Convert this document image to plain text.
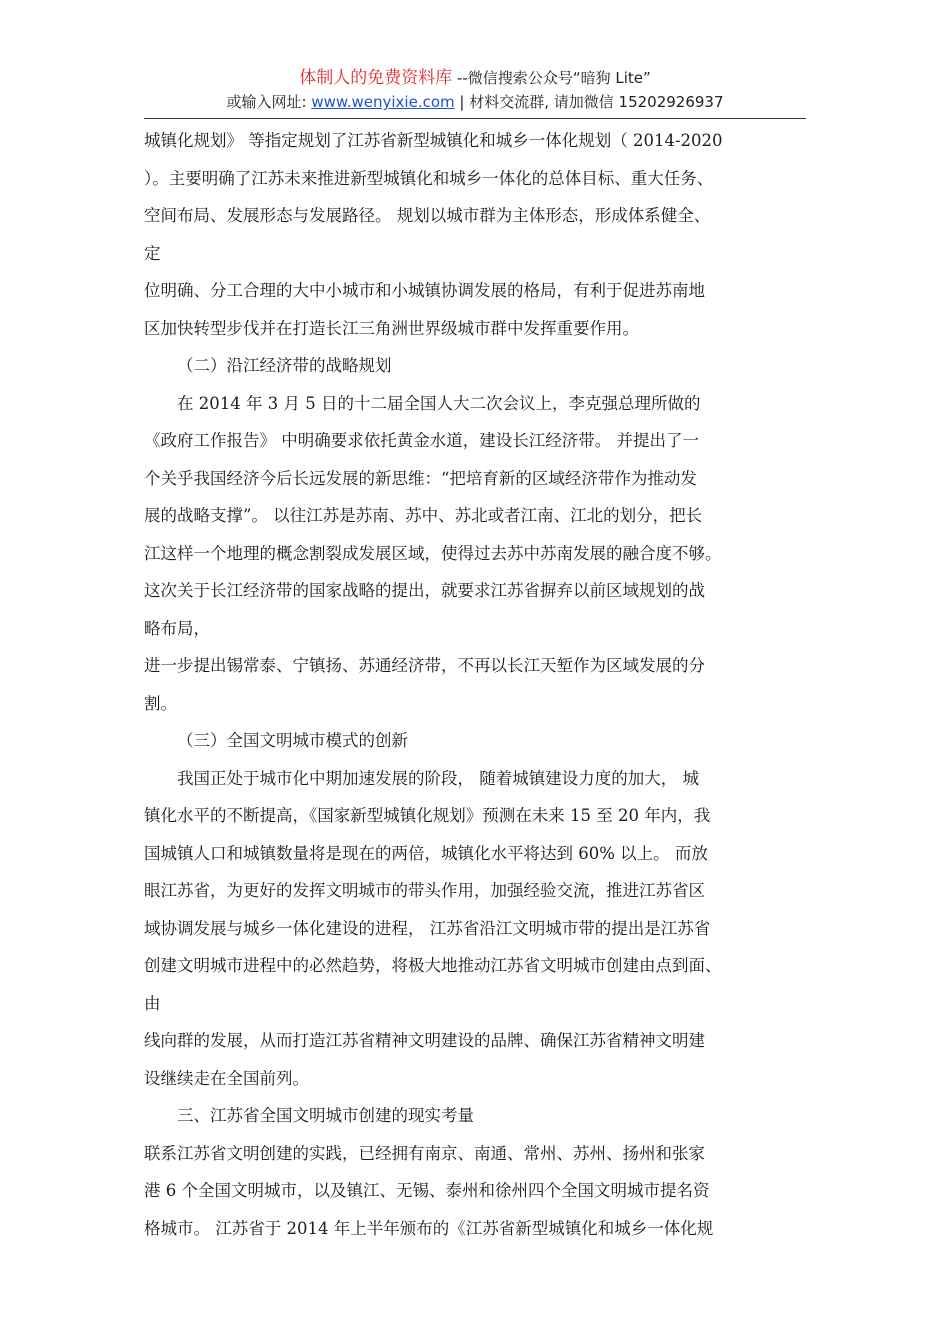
体制人的免费资料库 --微信搜索公众号“暗狗 Lite”
或输入网址: www.wenyixie.com | 材料交流群, 请加微信 15202926937
城镇化规划》 等指定规划了江苏省新型城镇化和城乡一体化规划（ 2014-2020
）。主要明确了江苏未来推进新型城镇化和城乡一体化的总体目标、重大任务、
空间布局、发展形态与发展路径。 规划以城市群为主体形态，形成体系健全、
定
位明确、分工合理的大中小城市和小城镇协调发展的格局，有利于促进苏南地
区加快转型步伐并在打造长江三角洲世界级城市群中发挥重要作用。
（二）沿江经济带的战略规划
在 2014 年 3 月 5 日的十二届全国人大二次会议上，李克强总理所做的
《政府工作报告》 中明确要求依托黄金水道，建设长江经济带。 并提出了一
个关乎我国经济今后长远发展的新思维：“把培育新的区域经济带作为推动发
展的战略支撑”。 以往江苏是苏南、苏中、苏北或者江南、江北的划分，把长
江这样一个地理的概念割裂成发展区域，使得过去苏中苏南发展的融合度不够。
这次关于长江经济带的国家战略的提出，就要求江苏省摒弃以前区域规划的战
略布局，
进一步提出锡常泰、宁镇扬、苏通经济带，不再以长江天堑作为区域发展的分
割。
（三）全国文明城市模式的创新
我国正处于城市化中期加速发展的阶段， 随着城镇建设力度的加大， 城
镇化水平的不断提高，《国家新型城镇化规划》预测在未来 15 至 20 年内，我
国城镇人口和城镇数量将是现在的两倍，城镇化水平将达到 60% 以上。 而放
眼江苏省，为更好的发挥文明城市的带头作用，加强经验交流，推进江苏省区
域协调发展与城乡一体化建设的进程， 江苏省沿江文明城市带的提出是江苏省
创建文明城市进程中的必然趋势，将极大地推动江苏省文明城市创建由点到面、
由
线向群的发展，从而打造江苏省精神文明建设的品牌、确保江苏省精神文明建
设继续走在全国前列。
三、江苏省全国文明城市创建的现实考量
联系江苏省文明创建的实践，已经拥有南京、南通、常州、苏州、扬州和张家
港 6 个全国文明城市，以及镇江、无锡、泰州和徐州四个全国文明城市提名资
格城市。 江苏省于 2014 年上半年颁布的《江苏省新型城镇化和城乡一体化规
